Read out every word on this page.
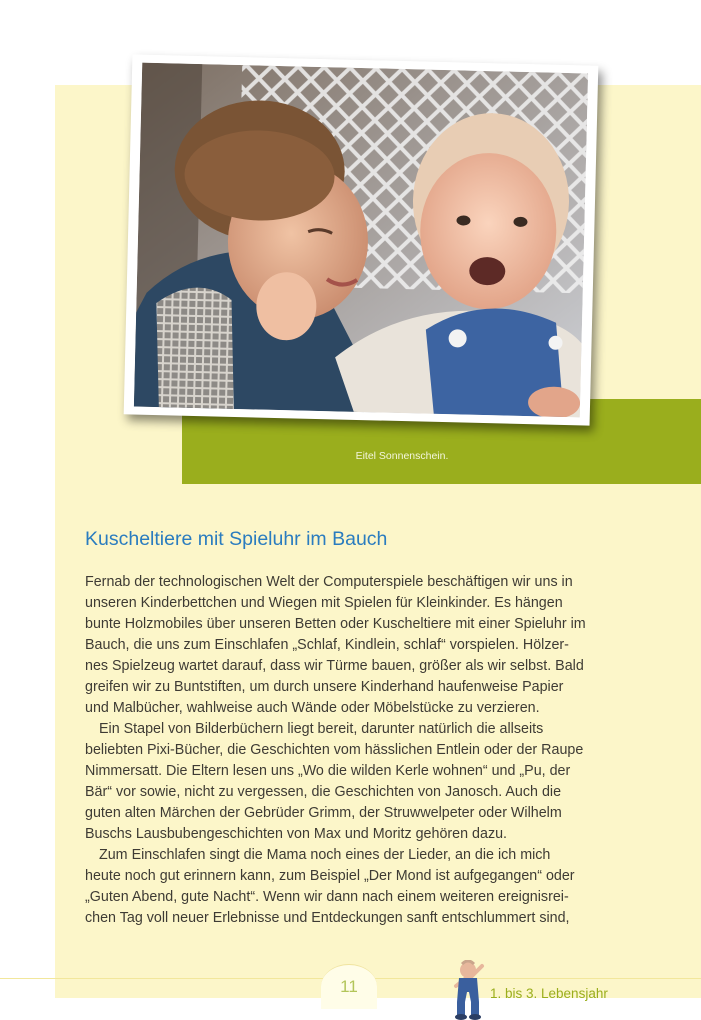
Eitel Sonnenschein.
Kuscheltiere mit Spieluhr im Bauch
Fernab der technologischen Welt der Computerspiele beschäftigen wir uns in
unseren Kinderbettchen und Wiegen mit Spielen für Kleinkinder. Es hängen
bunte Holzmobiles über unseren Betten oder Kuscheltiere mit einer Spieluhr im
Bauch, die uns zum Einschlafen „Schlaf, Kindlein, schlaf“ vorspielen. Hölzer-
nes Spielzeug wartet darauf, dass wir Türme bauen, größer als wir selbst. Bald
greifen wir zu Buntstiften, um durch unsere Kinderhand haufenweise Papier
und Malbücher, wahlweise auch Wände oder Möbelstücke zu verzieren.
Ein Stapel von Bilderbüchern liegt bereit, darunter natürlich die allseits
beliebten Pixi-Bücher, die Geschichten vom hässlichen Entlein oder der Raupe
Nimmersatt. Die Eltern lesen uns „Wo die wilden Kerle wohnen“ und „Pu, der
Bär“ vor sowie, nicht zu vergessen, die Geschichten von Janosch. Auch die
guten alten Märchen der Gebrüder Grimm, der Struwwelpeter oder Wilhelm
Buschs Lausbubengeschichten von Max und Moritz gehören dazu.
Zum Einschlafen singt die Mama noch eines der Lieder, an die ich mich
heute noch gut erinnern kann, zum Beispiel „Der Mond ist aufgegangen“ oder
„Guten Abend, gute Nacht“. Wenn wir dann nach einem weiteren ereignisrei-
chen Tag voll neuer Erlebnisse und Entdeckungen sanft entschlummert sind,
11	1. bis 3. Lebensjahr
